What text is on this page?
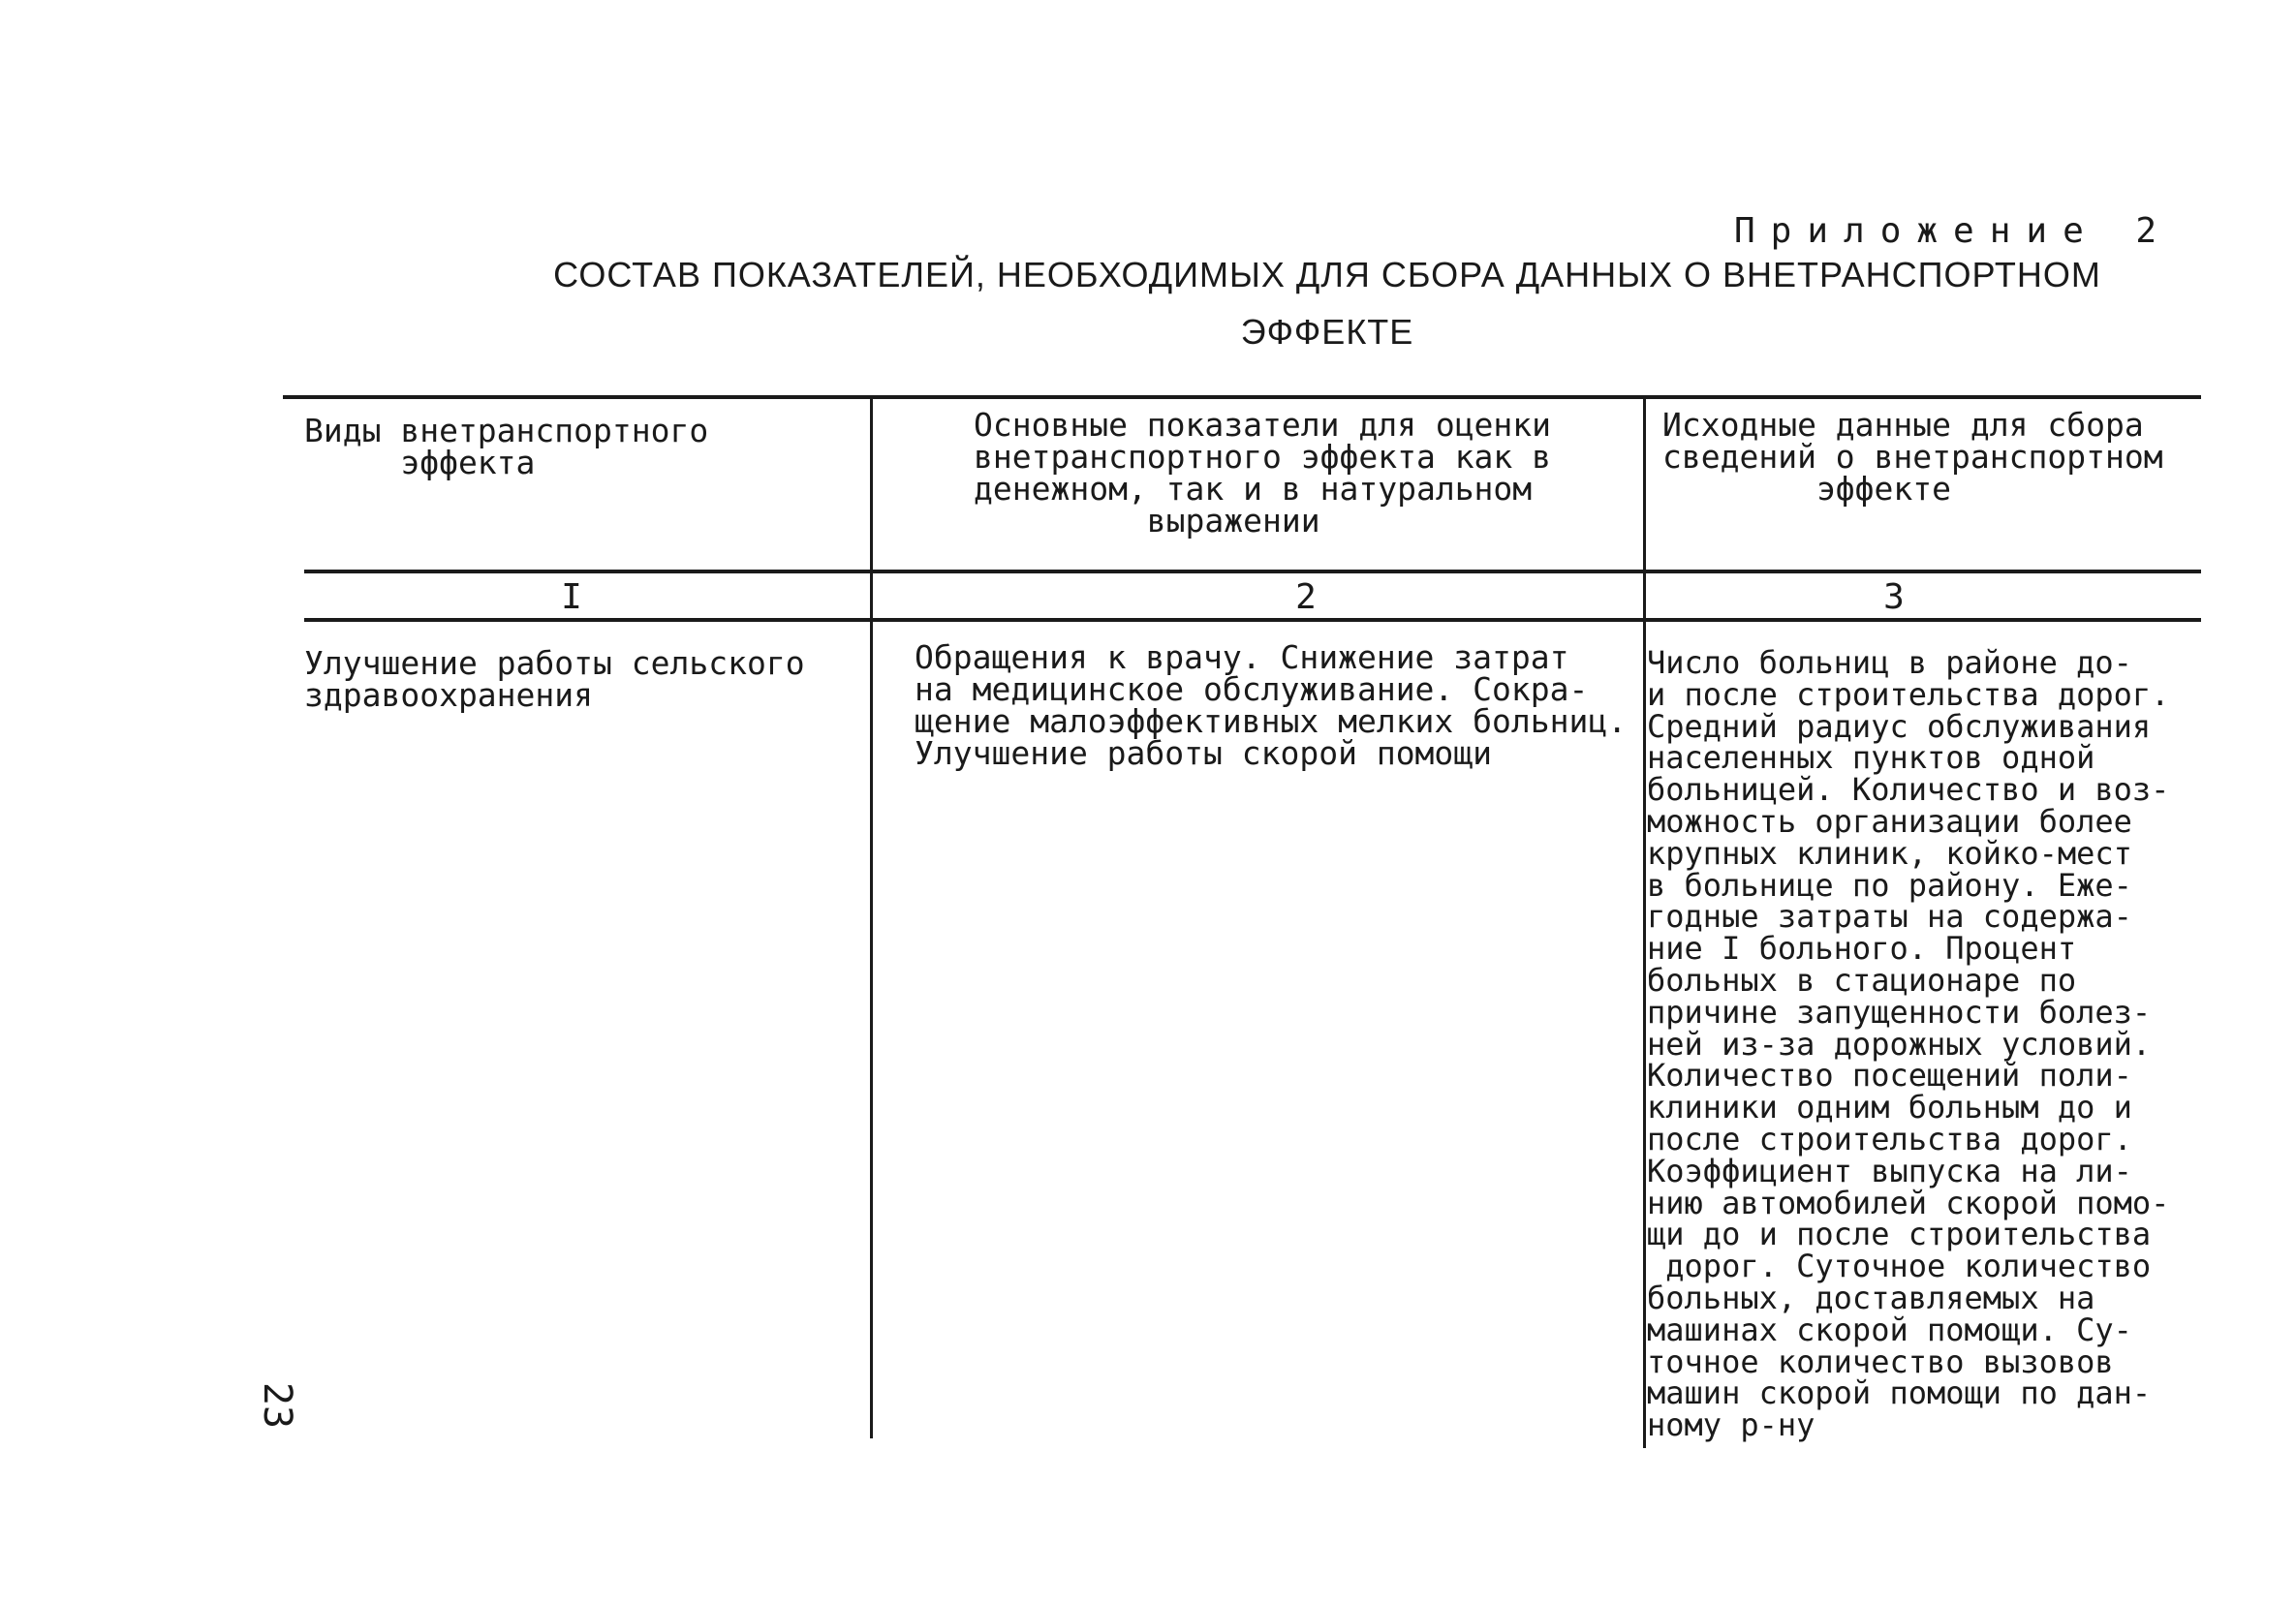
Приложение 2
СОСТАВ ПОКАЗАТЕЛЕЙ, НЕОБХОДИМЫХ ДЛЯ СБОРА ДАННЫХ О ВНЕТРАНСПОРТНОМ
ЭФФЕКТЕ
Виды внетранспортного
эффекта
Основные показатели для оценки
внетранспортного эффекта как в
денежном, так и в натуральном
выражении
Исходные данные для сбора
сведений о внетранспортном
эффекте
I	2	3
Улучшение работы сельского
здравоохранения
Обращения к врачу. Снижение затрат
на медицинское обслуживание. Сокра-
щение малоэффективных мелких больниц.
Улучшение работы скорой помощи
Число больниц в районе до-
и после строительства дорог.
Средний радиус обслуживания
населенных пунктов одной
больницей. Количество и воз-
можность организации более
крупных клиник, койко-мест
в больнице по району. Еже-
годные затраты на содержа-
ние I больного. Процент
больных в стационаре по
причине запущенности болез-
ней из-за дорожных условий.
Количество посещений поли-
клиники одним больным до и
после строительства дорог.
Коэффициент выпуска на ли-
нию автомобилей скорой помо-
щи до и после строительства
дорог. Суточное количество
больных, доставляемых на
машинах скорой помощи. Су-
точное количество вызовов
машин скорой помощи по дан-
ному р-ну
23
